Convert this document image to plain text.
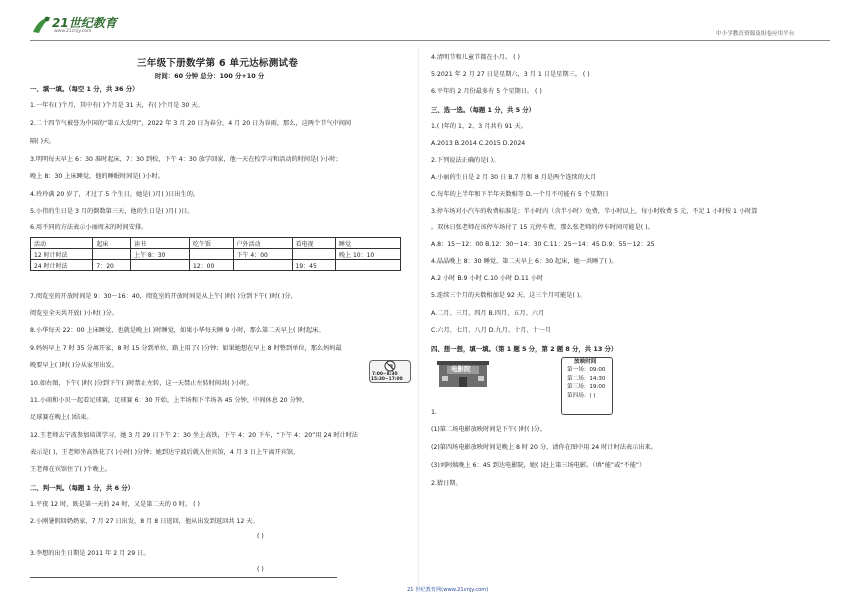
21世纪教育
www.21cnjy.com	中小学教育资源及组卷应用平台
三年级下册数学第 6 单元达标测试卷
时间：60 分钟 总分：100 分+10 分
一、填一填。（每空 1 分，共 36 分）
1.一年有( )个月，其中有( )个月是 31 天，有( )个月是 30 天。
2.二十四节气被誉为中国的“第五大发明”，2022 年 3 月 20 日为春分，4 月 20 日为谷雨，那么，这两个节气中间间
隔( )天。
3.明明每天早上 6：30 准时起床，7：30 到校，下午 4：30 放学回家，他一天在校学习和活动的时间是( )小时；
晚上 8：30 上床睡觉，他的睡眠时间是( )小时。
4.玲玲满 20 岁了，才过了 5 个生日，她是( )月( )日出生的。
5.小伟的生日是 3 月的倒数第三天，他的生日是( )月( )日。
6.用不同的方法表示小丽周末的时间安排。
活动	起床	读书	吃午饭	户外活动	看电视	睡觉
12 时计时法		上午 8：30		下午 4：00		晚上 10：10
24 时计时法	7：20		12：00		19：45	
7.阅览室的开放时间是 9：30～16：40，阅览室的开放时间是从上午( )时( )分到下午( )时( )分，
阅览室全天共开放( )小时( )分。
8.小华每天 22：00 上床睡觉，也就是晚上( )时睡觉，如果小华每天睡 9 小时，那么第二天早上( )时起床。
9.妈妈早上 7 时 35 分离开家，8 时 15 分到单位，路上用了( )分钟；如果她想在早上 8 时整到单位，那么妈妈最
晚要早上( )时( )分从家里出发。
10.如右图，下午( )时( )分到下午( )时禁止左转，这一天禁止左转时间共( )小时。
11.小雨和小贝一起看足球赛，足球赛 6：30 开始，上半场和下半场各 45 分钟，中间休息 20 分钟，
足球赛在晚上( )结束。
12.王老师去宁波参加培训学习，她 3 月 29 日下午 2：30 坐上高铁，下午 4：20 下车，“下午 4：20”用 24 时计时法
表示是( )，王老师坐高铁花了( )小时( )分钟；她到达宁波后就入住宾馆，4 月 3 日上午离开宾馆，
王老师在宾馆住了( )个晚上。
二、判一判。（每题 1 分，共 6 分）
1.平夜 12 时，既是第一天的 24 时，又是第二天的 0 时。 ( )
2.小刚暑假回奶奶家，7 月 27 日出发，8 月 8 日返回，他从出发到返回共 12 天。
( )
3.李想的出生日期是 2011 年 2 月 29 日。
( )
7:00~8:30
15:30~17:00
4.清明节和儿童节都在小月。 ( )
5.2021 年 2 月 27 日是星期六，3 月 1 日是星期三。 ( )
6.平年的 2 月份最多有 5 个星期日。 ( )
三、选一选。（每题 1 分，共 5 分）
1.( )年的 1、2、3 月共有 91 天。
A.2013 B.2014 C.2015 D.2024
2.下列说法正确的是( )。
A.小丽的生日是 2 月 30 日 B.7 月和 8 月是两个连续的大月
C.每年的上半年和下半年天数相等 D.一个月不可能有 5 个星期日
3.停车场对小汽车的收费标准是：半小时内（含半小时）免费，半小时以上，每小时收费 5 元，不足 1 小时按 1 小时算
。双休日张老师在该停车场付了 15 元停车费，那么张老师的停车时间可能是( )。
A.8：15～12：00 B.12：30～14：30 C.11：25～14：45 D.9：55～12：25
4.晶晶晚上 8：30 睡觉，第二天早上 6：30 起床，她一共睡了( )。
A.2 小时 B.9 小时 C.10 小时 D.11 小时
5.连续三个月的天数相加是 92 天，这三个月可能是( )。
A.二月、三月、四月 B.四月、五月、六月
C.六月、七月、八月 D.九月、十月、十一月
四、想一想，填一填。（第 1 题 5 分，第 2 题 8 分，共 13 分）
电影院
放映时间
第一场：09:00
第二场：14:30
第三场：19:00
第四场：( )
1.
(1)第二场电影放映时间是下午( )时( )分。
(2)第四场电影放映时间是晚上 8 时 20 分，请你在图中用 24 时计时法表示出来。
(3)刘阿姨晚上 6：45 到达电影院，她( )赶上第三场电影。（填“能”或“不能”）
2.猜日期。
21 世纪教育网(www.21cnjy.com)
